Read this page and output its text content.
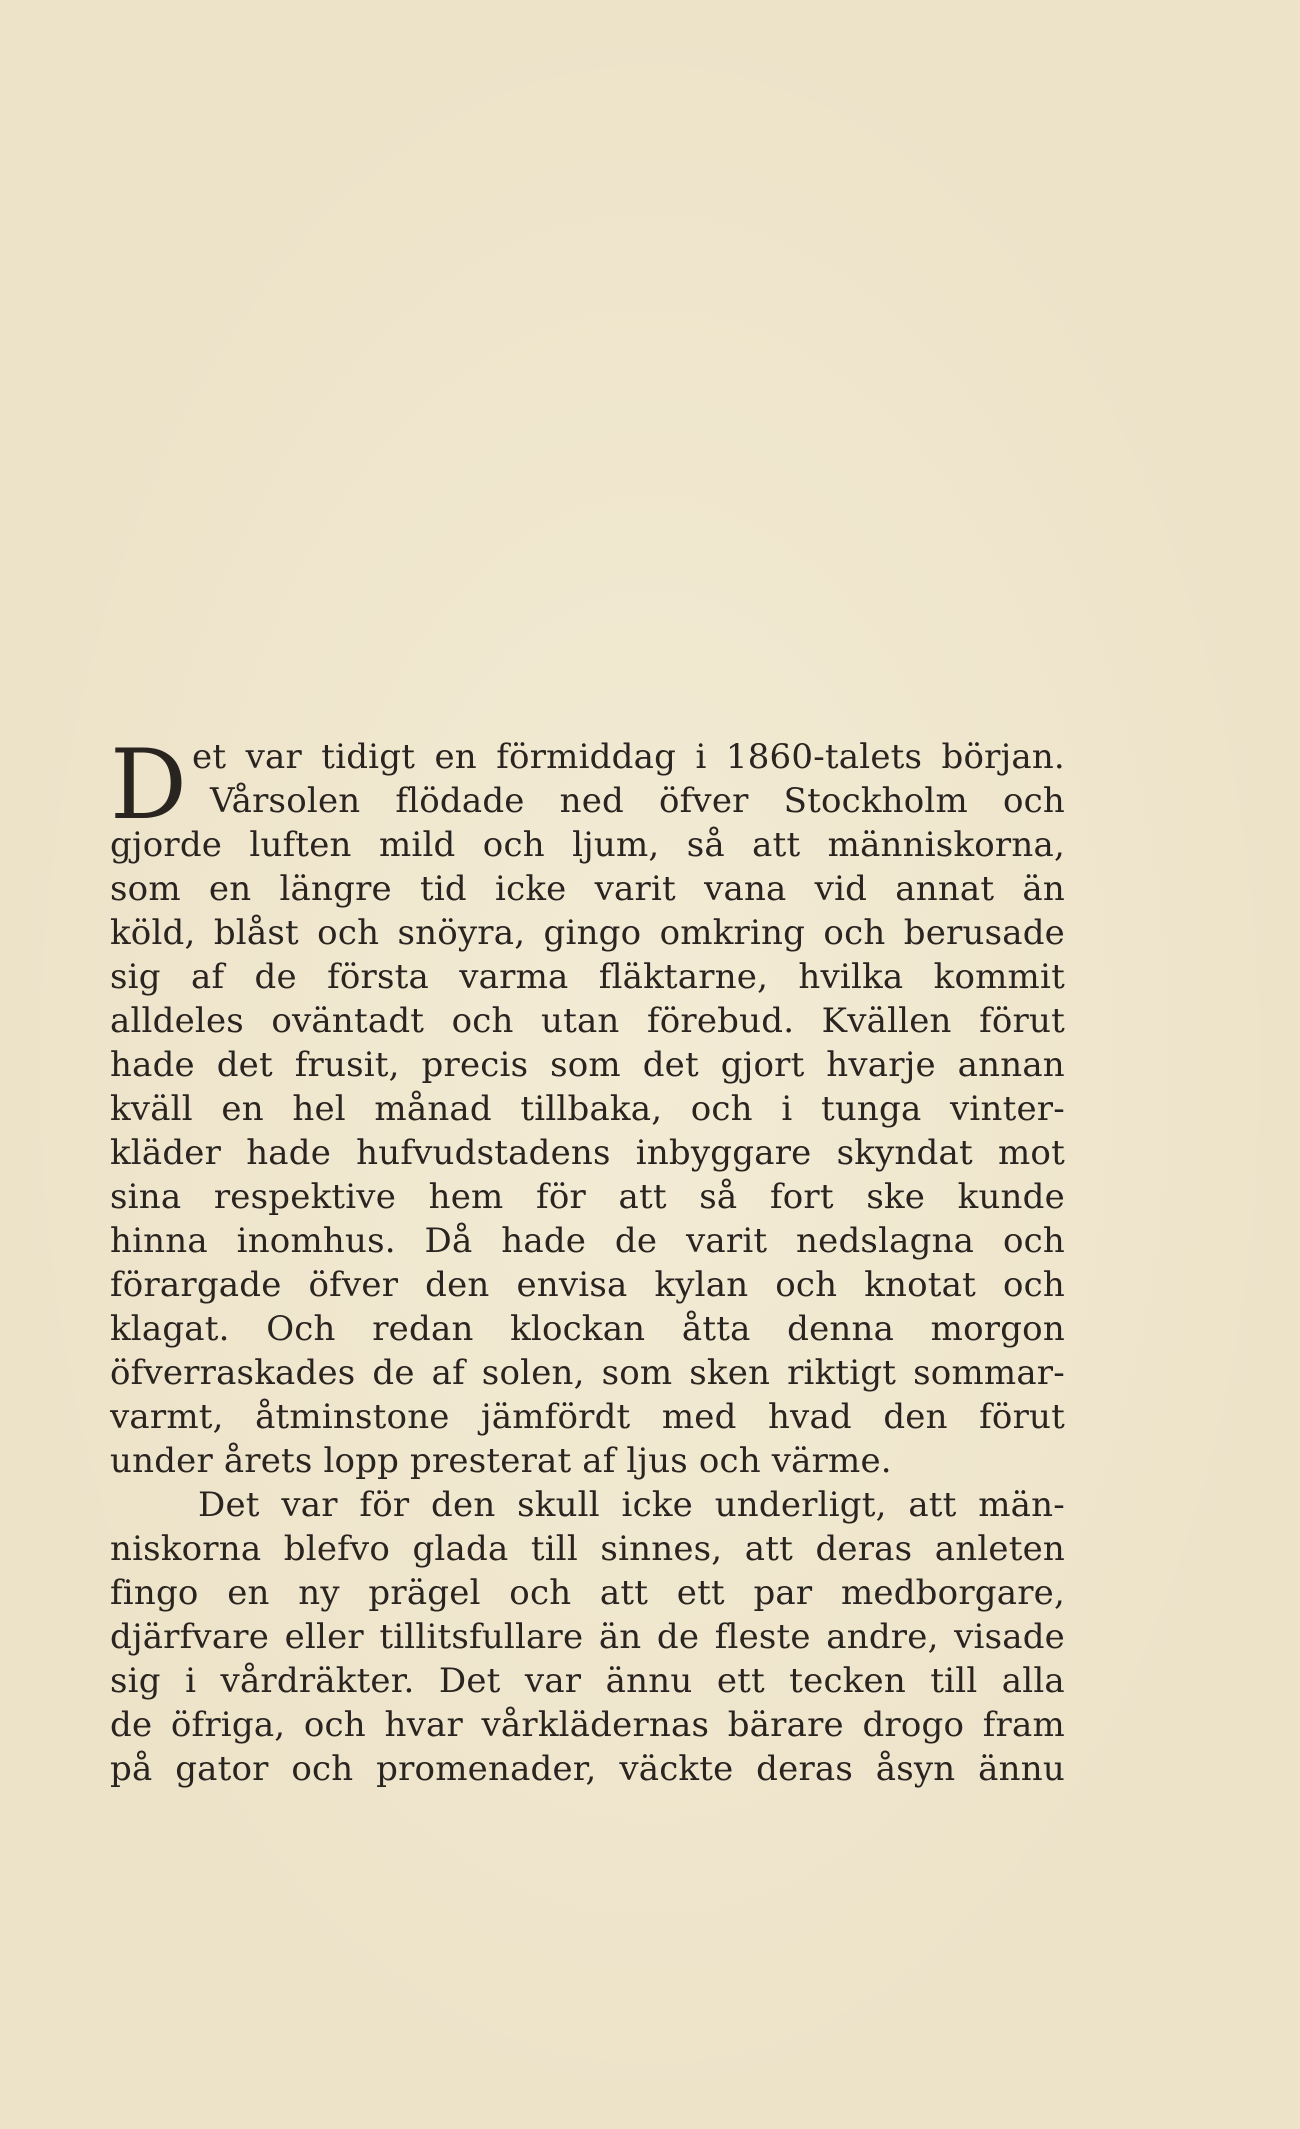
D et var tidigt en förmiddag i 1860-talets början.
Vårsolen flödade ned öfver Stockholm och
gjorde luften mild och ljum, så att människorna,
som en längre tid icke varit vana vid annat än
köld, blåst och snöyra, gingo omkring och berusade
sig af de första varma fläktarne, hvilka kommit
alldeles oväntadt och utan förebud. Kvällen förut
hade det frusit, precis som det gjort hvarje annan
kväll en hel månad tillbaka, och i tunga vinter-
kläder hade hufvudstadens inbyggare skyndat mot
sina respektive hem för att så fort ske kunde
hinna inomhus. Då hade de varit nedslagna och
förargade öfver den envisa kylan och knotat och
klagat. Och redan klockan åtta denna morgon
öfverraskades de af solen, som sken riktigt sommar-
varmt, åtminstone jämfördt med hvad den förut
under årets lopp presterat af ljus och värme.
Det var för den skull icke underligt, att män-
niskorna blefvo glada till sinnes, att deras anleten
fingo en ny prägel och att ett par medborgare,
djärfvare eller tillitsfullare än de fleste andre, visade
sig i vårdräkter. Det var ännu ett tecken till alla
de öfriga, och hvar vårklädernas bärare drogo fram
på gator och promenader, väckte deras åsyn ännu
